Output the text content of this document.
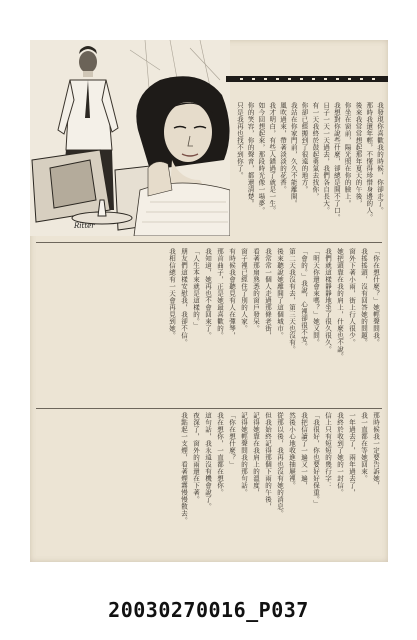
Ritter
我發現你喜歡我的時候，你卻走了。
那時我還年輕，不懂得珍惜身邊的人。
後來我常常想起那年夏天的午後，
你坐在窗前，陽光照在你的臉上。
我想對你說些什麼，卻總是開不了口。
日子一天一天過去，我們各自長大。
有一天我終於鼓起勇氣去找你，
你卻已經搬到了很遠的地方。
我站在你家門前，久久不能離開。
風吹過來，帶著淡淡的花香。
我才明白，有些人錯過了就是一生。
如今回想起來，那段時光像一場夢。
你的笑容，你的聲音，都還清楚。
只是我再也找不到你了。
「你在想什麼？」她輕聲問我。
我搖搖頭，沒有回答她的問題。
窗外下著小雨，街上行人很少。
她把頭靠在我的肩上，什麼也不說。
我們就這樣靜靜地坐了很久很久。
「明天你還會來嗎？」她又問。
「會的。」我說，心裡卻很不安。
第二天我沒有去，第三天也沒有。
後來聽說她離開了這個城市。
我常常一個人走過那條老街，
看著那扇熟悉的窗戶發呆。
窗子裡已經住了別的人家。
有時候我會聽見有人在彈琴，
那首曲子，正是她最喜歡的。
我知道，她再也不會回來了。
「人生本來就是這樣的。」
朋友們這樣安慰我，我卻不信。
我相信總有一天會再見到她。
那時候我一定要告訴她，
我一直都在等她回來。
一年過去了，兩年過去了，
我終於收到了她的一封信。
信上只有短短的幾行字：
「我很好，你也要好好保重。」
我把信讀了一遍又一遍，
然後小心地收進抽屜裡。
從那以後，我再也沒有她的消息。
但我始終記得那個下雨的午後，
記得她靠在我肩上的溫度，
記得她輕聲問我的那句話。
「你在想什麼？」
我在想你，一直都在想你。
這句話，我永遠沒有機會說了。
夜深了，窗外的雨還在下著。
我點起一支煙，看著煙霧慢慢散去。
20030270016_P037
